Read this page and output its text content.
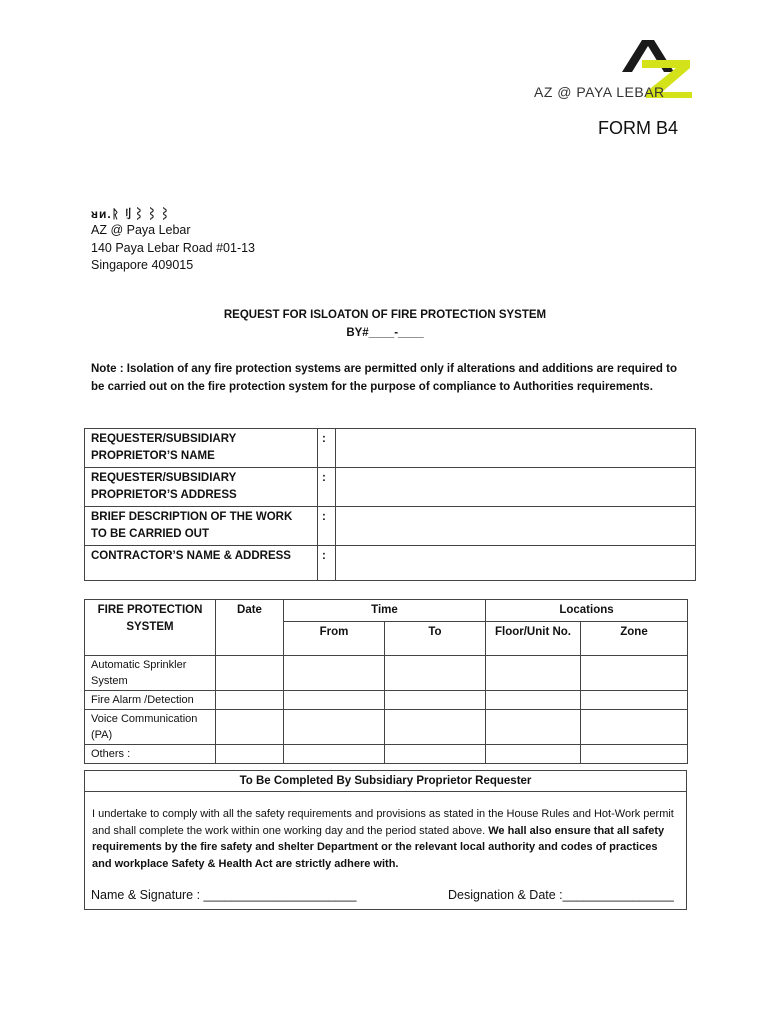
AZ @ PAYA LEBAR
FORM B4
ᴚᴎ.ᚱ刂⌇⌇⌇
AZ @ Paya Lebar
140 Paya Lebar Road #01-13
Singapore 409015
REQUEST FOR ISLOATON OF FIRE PROTECTION SYSTEM
BY#____-____
Note : Isolation of any fire protection systems are permitted only if alterations and additions are required to be carried out on the fire protection system for the purpose of compliance to Authorities requirements.
REQUESTER/SUBSIDIARY PROPRIETOR’S NAME	:	
REQUESTER/SUBSIDIARY PROPRIETOR’S ADDRESS	:	
BRIEF DESCRIPTION OF THE WORK TO BE CARRIED OUT	:	
CONTRACTOR’S NAME & ADDRESS	:	
FIRE PROTECTION SYSTEM	Date	Time		Locations	
		From	To	Floor/Unit No.	Zone
Automatic Sprinkler System					
Fire Alarm /Detection					
Voice Communication (PA)					
Others :					
To Be Completed By Subsidiary Proprietor Requester
I undertake to comply with all the safety requirements and provisions as stated in the House Rules and Hot-Work permit and shall complete the work within one working day and the period stated above. We hall also ensure that all safety requirements by the fire safety and shelter Department or the relevant local authority and codes of practices and workplace Safety & Health Act are strictly adhere with.
Name & Signature : ______________________	Designation & Date :________________
